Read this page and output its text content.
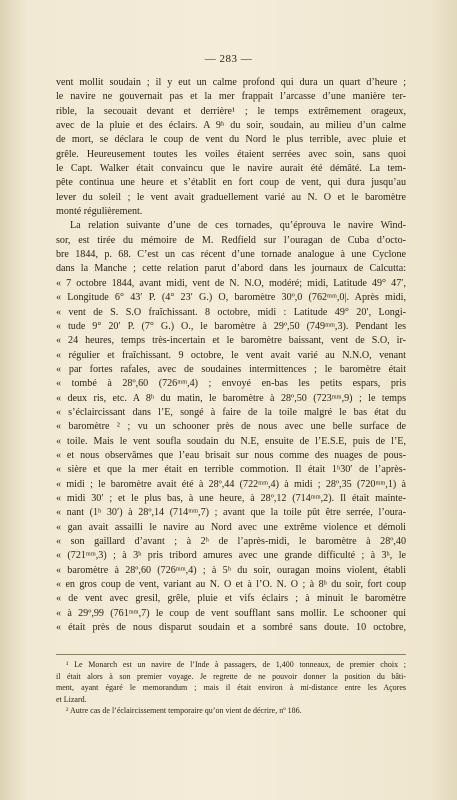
— 283 —
vent mollit soudain ; il y eut un calme profond qui dura un quart d’heure ;
le navire ne gouvernait pas et la mer frappait l’arcasse d’une manière ter-
rible, la secouait devant et derrière¹ ; le temps extrêmement orageux,
avec de la pluie et des éclairs. A 9ʰ du soir, soudain, au milieu d’un calme
de mort, se déclara le coup de vent du Nord le plus terrible, avec pluie et
grêle. Heureusement toutes les voiles étaient serrées avec soin, sans quoi
le Capt. Walker était convaincu que le navire aurait été démâté. La tem-
pête continua une heure et s’établit en fort coup de vent, qui dura jusqu’au
lever du soleil ; le vent avait graduellement varié au N. O et le baromètre
monté régulièrement.
La relation suivante d’une de ces tornades, qu’éprouva le navire Wind-
sor, est tirée du mémoire de M. Redfield sur l’ouragan de Cuba d’octo-
bre 1844, p. 68. C’est un cas récent d’une tornade analogue à une Cyclone
dans la Manche ; cette relation parut d’abord dans les journaux de Calcutta:
« 7 octobre 1844, avant midi, vent de N. N.O, modéré; midi, Latitude 49° 47′,
« Longitude 6° 43′ P. (4° 23′ G.) O, baromètre 30º,0 (762ᵐᵐ,0|. Après midi,
« vent de S. S.O fraîchissant. 8 octobre, midi : Latitude 49° 20′, Longi-
« tude 9° 20′ P. (7° G.) O., le baromètre à 29º,50 (749ᵐᵐ,3). Pendant les
« 24 heures, temps très-incertain et le baromètre baissant, vent de S.O, ir-
« régulier et fraîchissant. 9 octobre, le vent avait varié au N.N.O, venant
« par fortes rafales, avec de soudaines intermittences ; le baromètre était
« tombé à 28º,60 (726ᵐᵐ,4) ; envoyé en-bas les petits espars, pris
« deux ris, etc. A 8ʰ du matin, le baromètre à 28º,50 (723ᵐᵐ,9) ; le temps
« s’éclaircissant dans l’E, songé à faire de la toile malgré le bas état du
« baromètre ² ; vu un schooner près de nous avec une belle surface de
« toile. Mais le vent soufla soudain du N.E, ensuite de l’E.S.E, puis de l’E,
« et nous observâmes que l’eau brisait sur nous comme des nuages de pous-
« sière et que la mer était en terrible commotion. Il était 1ʰ30′ de l’après-
« midi ; le baromètre avait été à 28º,44 (722ᵐᵐ,4) à midi ; 28º,35 (720ᵐᵐ,1) à
« midi 30′ ; et le plus bas, à une heure, à 28º,12 (714ᵐᵐ,2). Il était mainte-
« nant (1ʰ 30′) à 28º,14 (714ᵐᵐ,7) ; avant que la toile pût être serrée, l’oura-
« gan avait assailli le navire au Nord avec une extrême violence et démoli
« son gaillard d’avant ; à 2ʰ de l’après-midi, le baromètre à 28º,40
« (721ᵐᵐ,3) ; à 3ʰ pris tribord amures avec une grande difficulté ; à 3ʰ, le
« baromètre à 28º,60 (726ᵐᵐ,4) ; à 5ʰ du soir, ouragan moins violent, établi
« en gros coup de vent, variant au N. O et à l’O. N. O ; à 8ʰ du soir, fort coup
« de vent avec gresil, grêle, pluie et vifs éclairs ; à minuit le baromètre
« à 29º,99 (761ᵐᵐ,7) le coup de vent soufflant sans mollir. Le schooner qui
« était près de nous disparut soudain et a sombré sans doute. 10 octobre,
¹ Le Monarch est un navire de l’Inde à passagers, de 1,400 tonneaux, de premier choix ;
il était alors à son premier voyage. Je regrette de ne pouvoir donner la position du bâti-
ment, ayant égaré le memorandum ; mais il était environ à mi-distance entre les Açores
et Lizard.
² Autre cas de l’éclaircissement temporaire qu’on vient de décrire, nº 186.
